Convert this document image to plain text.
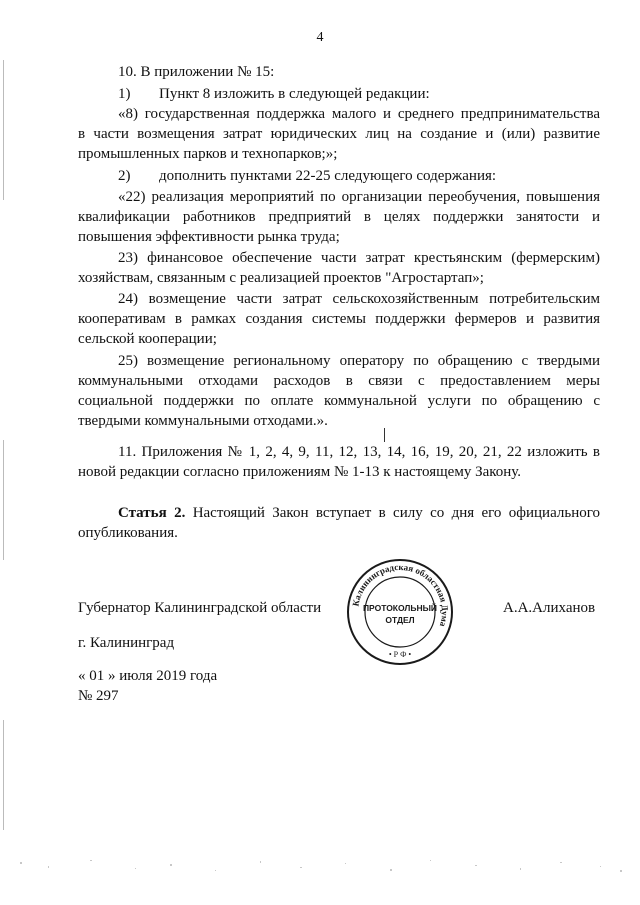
4
10. В приложении № 15:
1) Пункт 8 изложить в следующей редакции:
«8) государственная поддержка малого и среднего предпринимательства
в части возмещения затрат юридических лиц на создание и (или) развитие
промышленных парков и технопарков;»;
2) дополнить пунктами 22-25 следующего содержания:
«22) реализация мероприятий по организации переобучения, повышения
квалификации работников предприятий в целях поддержки занятости и
повышения эффективности рынка труда;
23) финансовое обеспечение части затрат крестьянским (фермерским)
хозяйствам, связанным с реализацией проектов "Агростартап»;
24) возмещение части затрат сельскохозяйственным потребительским
кооперативам в рамках создания системы поддержки фермеров и развития
сельской кооперации;
25) возмещение региональному оператору по обращению с твердыми
коммунальными отходами расходов в связи с предоставлением меры
социальной поддержки по оплате коммунальной услуги по обращению с
твердыми коммунальными отходами.».
11. Приложения № 1, 2, 4, 9, 11, 12, 13, 14, 16, 19, 20, 21, 22 изложить в
новой редакции согласно приложениям № 1-13 к настоящему Закону.
Статья 2. Настоящий Закон вступает в силу со дня его официального
опубликования.
Губернатор Калининградской области	А.А.Алиханов
г. Калининград
« 01 » июля 2019 года
№ 297
Калининградская областная Дума
ПРОТОКОЛЬНЫЙ
ОТДЕЛ
• Р Ф •
